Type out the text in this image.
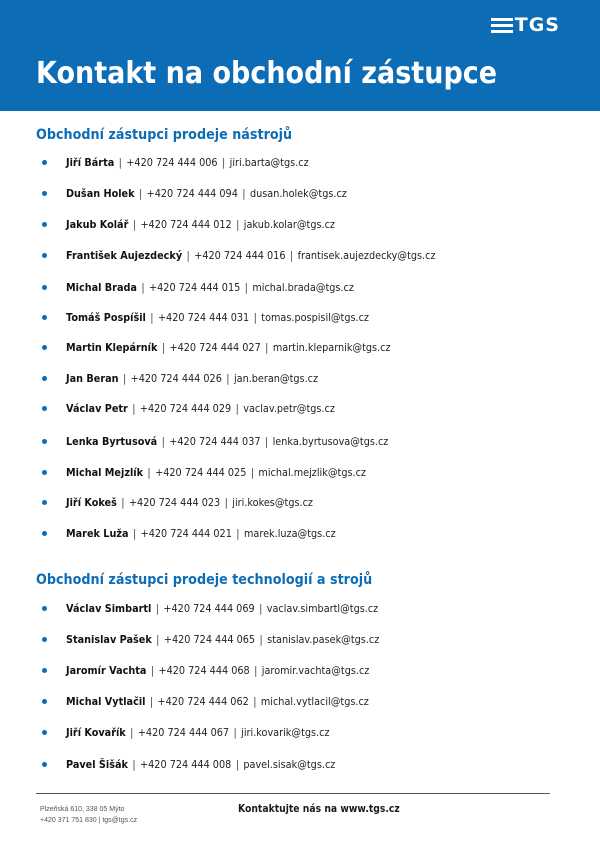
TGS
Kontakt na obchodní zástupce
Obchodní zástupci prodeje nástrojů
Jiří Bárta | +420 724 444 006 | jiri.barta@tgs.cz
Dušan Holek | +420 724 444 094 | dusan.holek@tgs.cz
Jakub Kolář | +420 724 444 012 | jakub.kolar@tgs.cz
František Aujezdecký | +420 724 444 016 | frantisek.aujezdecky@tgs.cz
Michal Brada | +420 724 444 015 | michal.brada@tgs.cz
Tomáš Pospíšil | +420 724 444 031 | tomas.pospisil@tgs.cz
Martin Klepárník | +420 724 444 027 | martin.kleparnik@tgs.cz
Jan Beran | +420 724 444 026 | jan.beran@tgs.cz
Václav Petr | +420 724 444 029 | vaclav.petr@tgs.cz
Lenka Byrtusová | +420 724 444 037 | lenka.byrtusova@tgs.cz
Michal Mejzlík | +420 724 444 025 | michal.mejzlik@tgs.cz
Jiří Kokeš | +420 724 444 023 | jiri.kokes@tgs.cz
Marek Luža | +420 724 444 021 | marek.luza@tgs.cz
Obchodní zástupci prodeje technologií a strojů
Václav Simbartl | +420 724 444 069 | vaclav.simbartl@tgs.cz
Stanislav Pašek | +420 724 444 065 | stanislav.pasek@tgs.cz
Jaromír Vachta | +420 724 444 068 | jaromir.vachta@tgs.cz
Michal Vytlačil | +420 724 444 062 | michal.vytlacil@tgs.cz
Jiří Kovařík | +420 724 444 067 | jiri.kovarik@tgs.cz
Pavel Šišák | +420 724 444 008 | pavel.sisak@tgs.cz
Plzeňská 610, 338 05 Mýto
+420 371 751 830 | tgs@tgs.cz
Kontaktujte nás na www.tgs.cz
